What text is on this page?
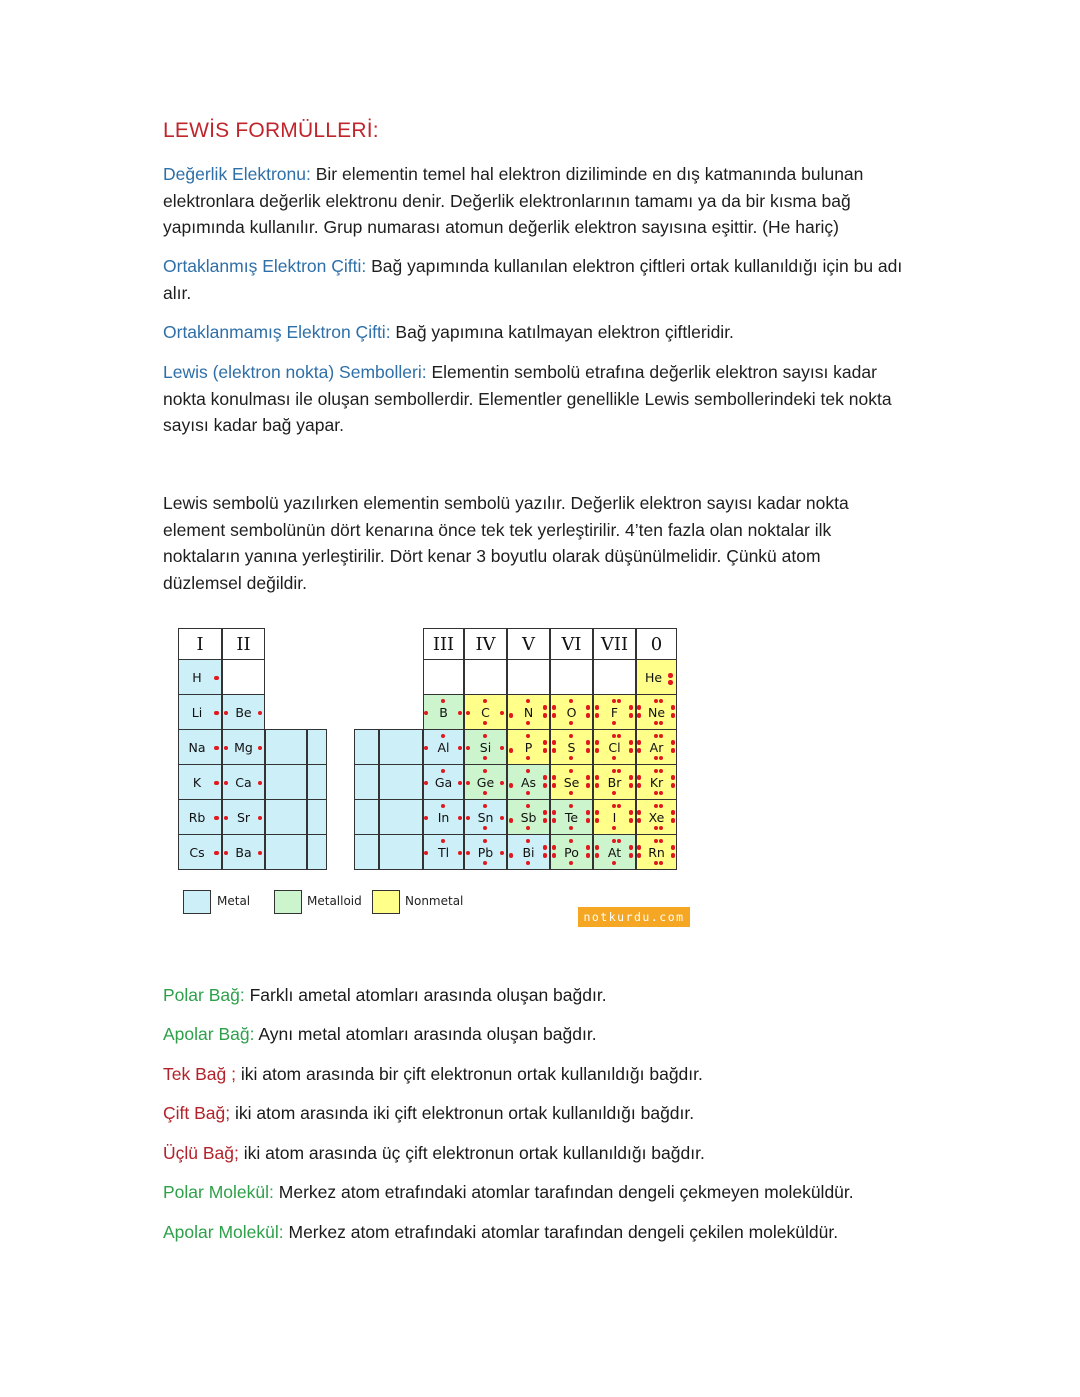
LEWİS FORMÜLLERİ:
Değerlik Elektronu: Bir elementin temel hal elektron diziliminde en dış katmanında bulunan elektronlara değerlik elektronu denir. Değerlik elektronlarının tamamı ya da bir kısma bağ yapımında kullanılır. Grup numarası atomun değerlik elektron sayısına eşittir. (He hariç)
Ortaklanmış Elektron Çifti: Bağ yapımında kullanılan elektron çiftleri ortak kullanıldığı için bu adı alır.
Ortaklanmamış Elektron Çifti: Bağ yapımına katılmayan elektron çiftleridir.
Lewis (elektron nokta) Sembolleri: Elementin sembolü etrafına değerlik elektron sayısı kadar nokta konulması ile oluşan sembollerdir. Elementler genellikle Lewis sembollerindeki tek nokta sayısı kadar bağ yapar.
Lewis sembolü yazılırken elementin sembolü yazılır. Değerlik elektron sayısı kadar nokta element sembolünün dört kenarına önce tek tek yerleştirilir. 4’ten fazla olan noktalar ilk noktaların yanına yerleştirilir. Dört kenar 3 boyutlu olarak düşünülmelidir. Çünkü atom düzlemsel değildir.
I II
H
Li
Na
K
Rb
Cs
Be
Mg
Ca
Sr
Ba
III IV V VI VII 0
He
B
Al
Ga
In
Tl
C
Si
Ge
Sn
Pb
N
P
As
Sb
Bi
O
S
Se
Te
Po
F
Cl
Br
I
At
Ne
Ar
Kr
Xe
Rn
Metal	Metalloid	Nonmetal
notkurdu.com
Polar Bağ: Farklı ametal atomları arasında oluşan bağdır.
Apolar Bağ: Aynı metal atomları arasında oluşan bağdır.
Tek Bağ ; iki atom arasında bir çift elektronun ortak kullanıldığı bağdır.
Çift Bağ; iki atom arasında iki çift elektronun ortak kullanıldığı bağdır.
Üçlü Bağ; iki atom arasında üç çift elektronun ortak kullanıldığı bağdır.
Polar Molekül: Merkez atom etrafındaki atomlar tarafından dengeli çekmeyen moleküldür.
Apolar Molekül: Merkez atom etrafındaki atomlar tarafından dengeli çekilen moleküldür.
